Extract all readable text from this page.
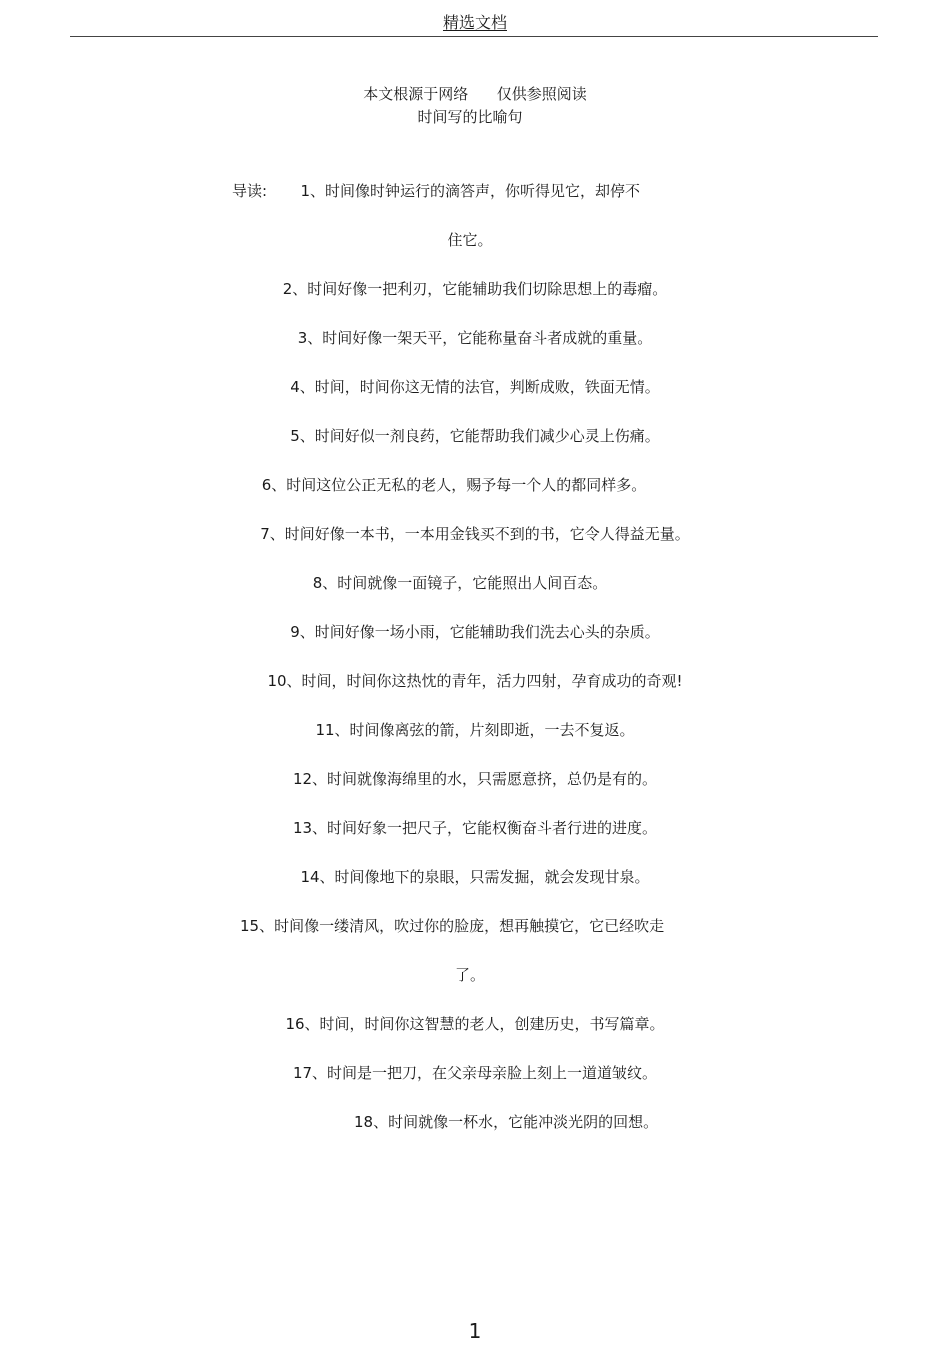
精选文档
本文根源于网络      仅供参照阅读
时间写的比喻句
导读: 1、时间像时钟运行的滴答声，你听得见它，却停不
住它。
2、时间好像一把利刃，它能辅助我们切除思想上的毒瘤。
3、时间好像一架天平，它能称量奋斗者成就的重量。
4、时间，时间你这无情的法官，判断成败，铁面无情。
5、时间好似一剂良药，它能帮助我们减少心灵上伤痛。
6、时间这位公正无私的老人，赐予每一个人的都同样多。
7、时间好像一本书，一本用金钱买不到的书，它令人得益无量。
8、时间就像一面镜子，它能照出人间百态。
9、时间好像一场小雨，它能辅助我们洗去心头的杂质。
10、时间，时间你这热忱的青年，活力四射，孕育成功的奇观!
11、时间像离弦的箭，片刻即逝，一去不复返。
12、时间就像海绵里的水，只需愿意挤，总仍是有的。
13、时间好象一把尺子，它能权衡奋斗者行进的进度。
14、时间像地下的泉眼，只需发掘，就会发现甘泉。
15、时间像一缕清风，吹过你的脸庞，想再触摸它，它已经吹走
了。
16、时间，时间你这智慧的老人，创建历史，书写篇章。
17、时间是一把刀，在父亲母亲脸上刻上一道道皱纹。
18、时间就像一杯水，它能冲淡光阴的回想。
1
